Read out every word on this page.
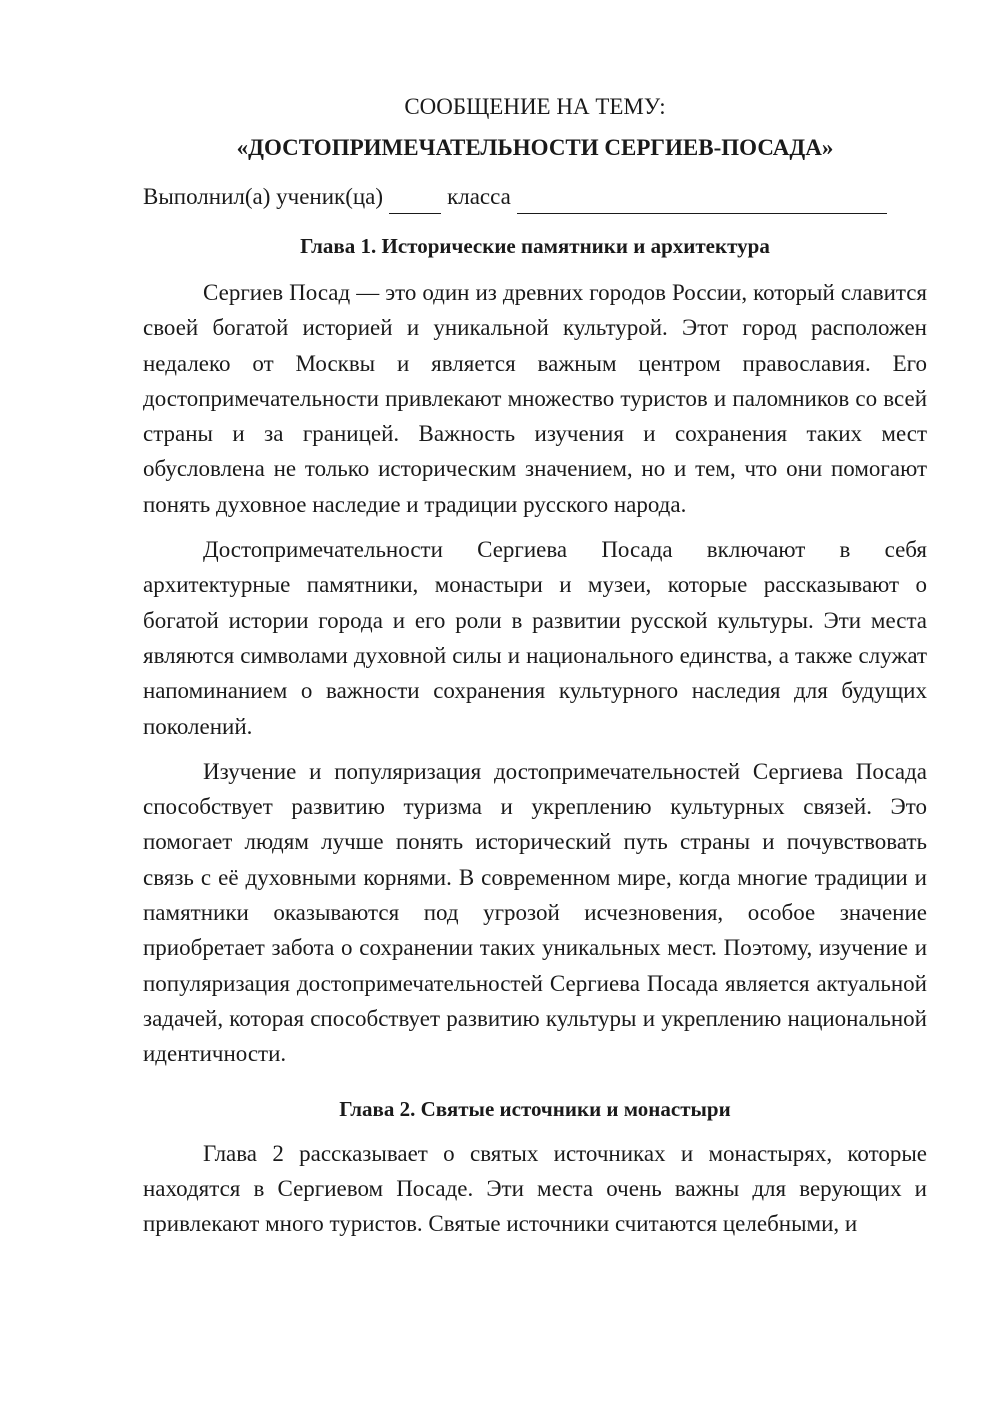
СООБЩЕНИЕ НА ТЕМУ:

«ДОСТОПРИМЕЧАТЕЛЬНОСТИ СЕРГИЕВ-ПОСАДА»

Выполнил(а) ученик(ца)	класса
Глава 1. Исторические памятники и архитектура

Сергиев Посад — это один из древних городов России, который славится своей богатой историей и уникальной культурой. Этот город расположен недалеко от Москвы и является важным центром православия. Его достопримечательности привлекают множество туристов и паломников со всей страны и за границей. Важность изучения и сохранения таких мест обусловлена не только историческим значением, но и тем, что они помогают понять духовное наследие и традиции русского народа.

Достопримечательности Сергиева Посада включают в себя архитектурные памятники, монастыри и музеи, которые рассказывают о богатой истории города и его роли в развитии русской культуры. Эти места являются символами духовной силы и национального единства, а также служат напоминанием о важности сохранения культурного наследия для будущих поколений.

Изучение и популяризация достопримечательностей Сергиева Посада способствует развитию туризма и укреплению культурных связей. Это помогает людям лучше понять исторический путь страны и почувствовать связь с её духовными корнями. В современном мире, когда многие традиции и памятники оказываются под угрозой исчезновения, особое значение приобретает забота о сохранении таких уникальных мест. Поэтому, изучение и популяризация достопримечательностей Сергиева Посада является актуальной задачей, которая способствует развитию культуры и укреплению национальной идентичности.

Глава 2. Святые источники и монастыри

Глава 2 рассказывает о святых источниках и монастырях, которые находятся в Сергиевом Посаде. Эти места очень важны для верующих и привлекают много туристов. Святые источники считаются целебными, и
